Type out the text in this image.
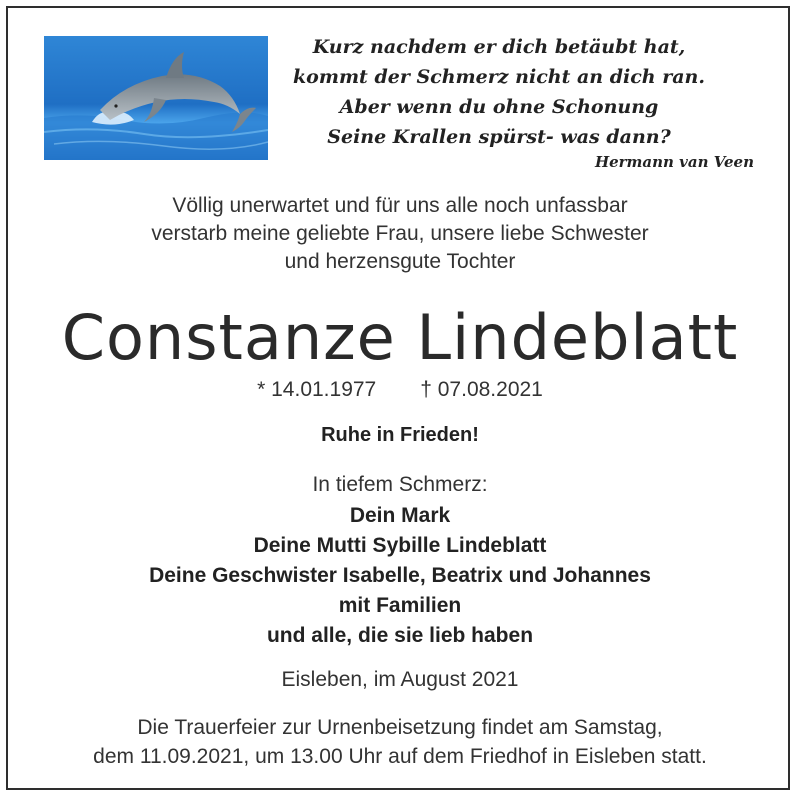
Kurz nachdem er dich betäubt hat,
kommt der Schmerz nicht an dich ran.
Aber wenn du ohne Schonung
Seine Krallen spürst- was dann?
Hermann van Veen
Völlig unerwartet und für uns alle noch unfassbar
verstarb meine geliebte Frau, unsere liebe Schwester
und herzensgute Tochter
Constanze Lindeblatt
* 14.01.1977 † 07.08.2021
Ruhe in Frieden!
In tiefem Schmerz:
Dein Mark
Deine Mutti Sybille Lindeblatt
Deine Geschwister Isabelle, Beatrix und Johannes
mit Familien
und alle, die sie lieb haben
Eisleben, im August 2021
Die Trauerfeier zur Urnenbeisetzung findet am Samstag,
dem 11.09.2021, um 13.00 Uhr auf dem Friedhof in Eisleben statt.
